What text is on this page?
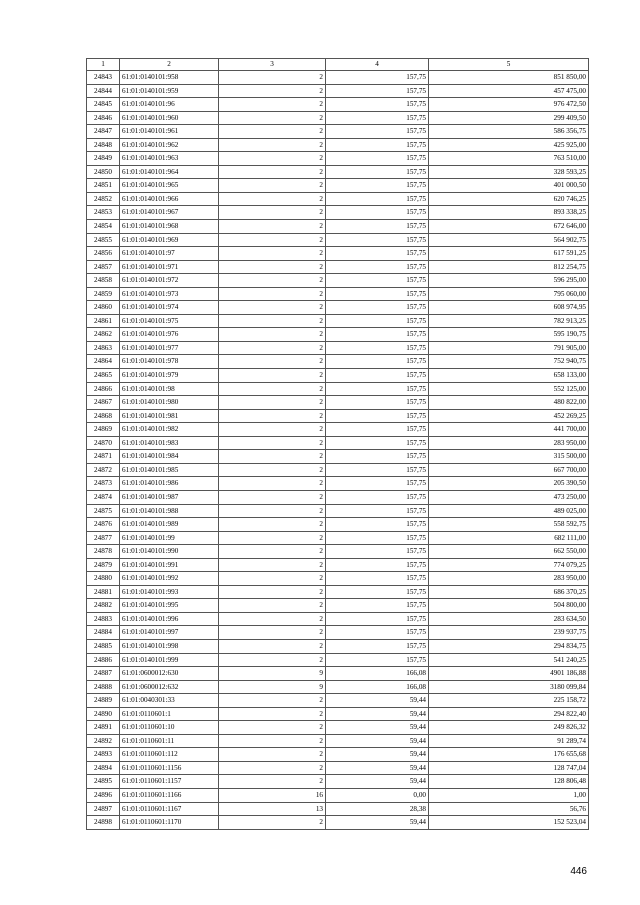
1	2	3	4	5
24843	61:01:0140101:958	2	157,75	851 850,00
24844	61:01:0140101:959	2	157,75	457 475,00
24845	61:01:0140101:96	2	157,75	976 472,50
24846	61:01:0140101:960	2	157,75	299 409,50
24847	61:01:0140101:961	2	157,75	586 356,75
24848	61:01:0140101:962	2	157,75	425 925,00
24849	61:01:0140101:963	2	157,75	763 510,00
24850	61:01:0140101:964	2	157,75	328 593,25
24851	61:01:0140101:965	2	157,75	401 000,50
24852	61:01:0140101:966	2	157,75	620 746,25
24853	61:01:0140101:967	2	157,75	893 338,25
24854	61:01:0140101:968	2	157,75	672 646,00
24855	61:01:0140101:969	2	157,75	564 902,75
24856	61:01:0140101:97	2	157,75	617 591,25
24857	61:01:0140101:971	2	157,75	812 254,75
24858	61:01:0140101:972	2	157,75	596 295,00
24859	61:01:0140101:973	2	157,75	795 060,00
24860	61:01:0140101:974	2	157,75	608 974,95
24861	61:01:0140101:975	2	157,75	782 913,25
24862	61:01:0140101:976	2	157,75	595 190,75
24863	61:01:0140101:977	2	157,75	791 905,00
24864	61:01:0140101:978	2	157,75	752 940,75
24865	61:01:0140101:979	2	157,75	658 133,00
24866	61:01:0140101:98	2	157,75	552 125,00
24867	61:01:0140101:980	2	157,75	480 822,00
24868	61:01:0140101:981	2	157,75	452 269,25
24869	61:01:0140101:982	2	157,75	441 700,00
24870	61:01:0140101:983	2	157,75	283 950,00
24871	61:01:0140101:984	2	157,75	315 500,00
24872	61:01:0140101:985	2	157,75	667 700,00
24873	61:01:0140101:986	2	157,75	205 390,50
24874	61:01:0140101:987	2	157,75	473 250,00
24875	61:01:0140101:988	2	157,75	489 025,00
24876	61:01:0140101:989	2	157,75	558 592,75
24877	61:01:0140101:99	2	157,75	682 111,00
24878	61:01:0140101:990	2	157,75	662 550,00
24879	61:01:0140101:991	2	157,75	774 079,25
24880	61:01:0140101:992	2	157,75	283 950,00
24881	61:01:0140101:993	2	157,75	686 370,25
24882	61:01:0140101:995	2	157,75	504 800,00
24883	61:01:0140101:996	2	157,75	283 634,50
24884	61:01:0140101:997	2	157,75	239 937,75
24885	61:01:0140101:998	2	157,75	294 834,75
24886	61:01:0140101:999	2	157,75	541 240,25
24887	61:01:0600012:630	9	166,08	4901 186,88
24888	61:01:0600012:632	9	166,08	3180 099,84
24889	61:01:0040301:33	2	59,44	225 158,72
24890	61:01:0110601:1	2	59,44	294 822,40
24891	61:01:0110601:10	2	59,44	249 826,32
24892	61:01:0110601:11	2	59,44	91 289,74
24893	61:01:0110601:112	2	59,44	176 655,68
24894	61:01:0110601:1156	2	59,44	128 747,04
24895	61:01:0110601:1157	2	59,44	128 806,48
24896	61:01:0110601:1166	16	0,00	1,00
24897	61:01:0110601:1167	13	28,38	56,76
24898	61:01:0110601:1170	2	59,44	152 523,04
446
